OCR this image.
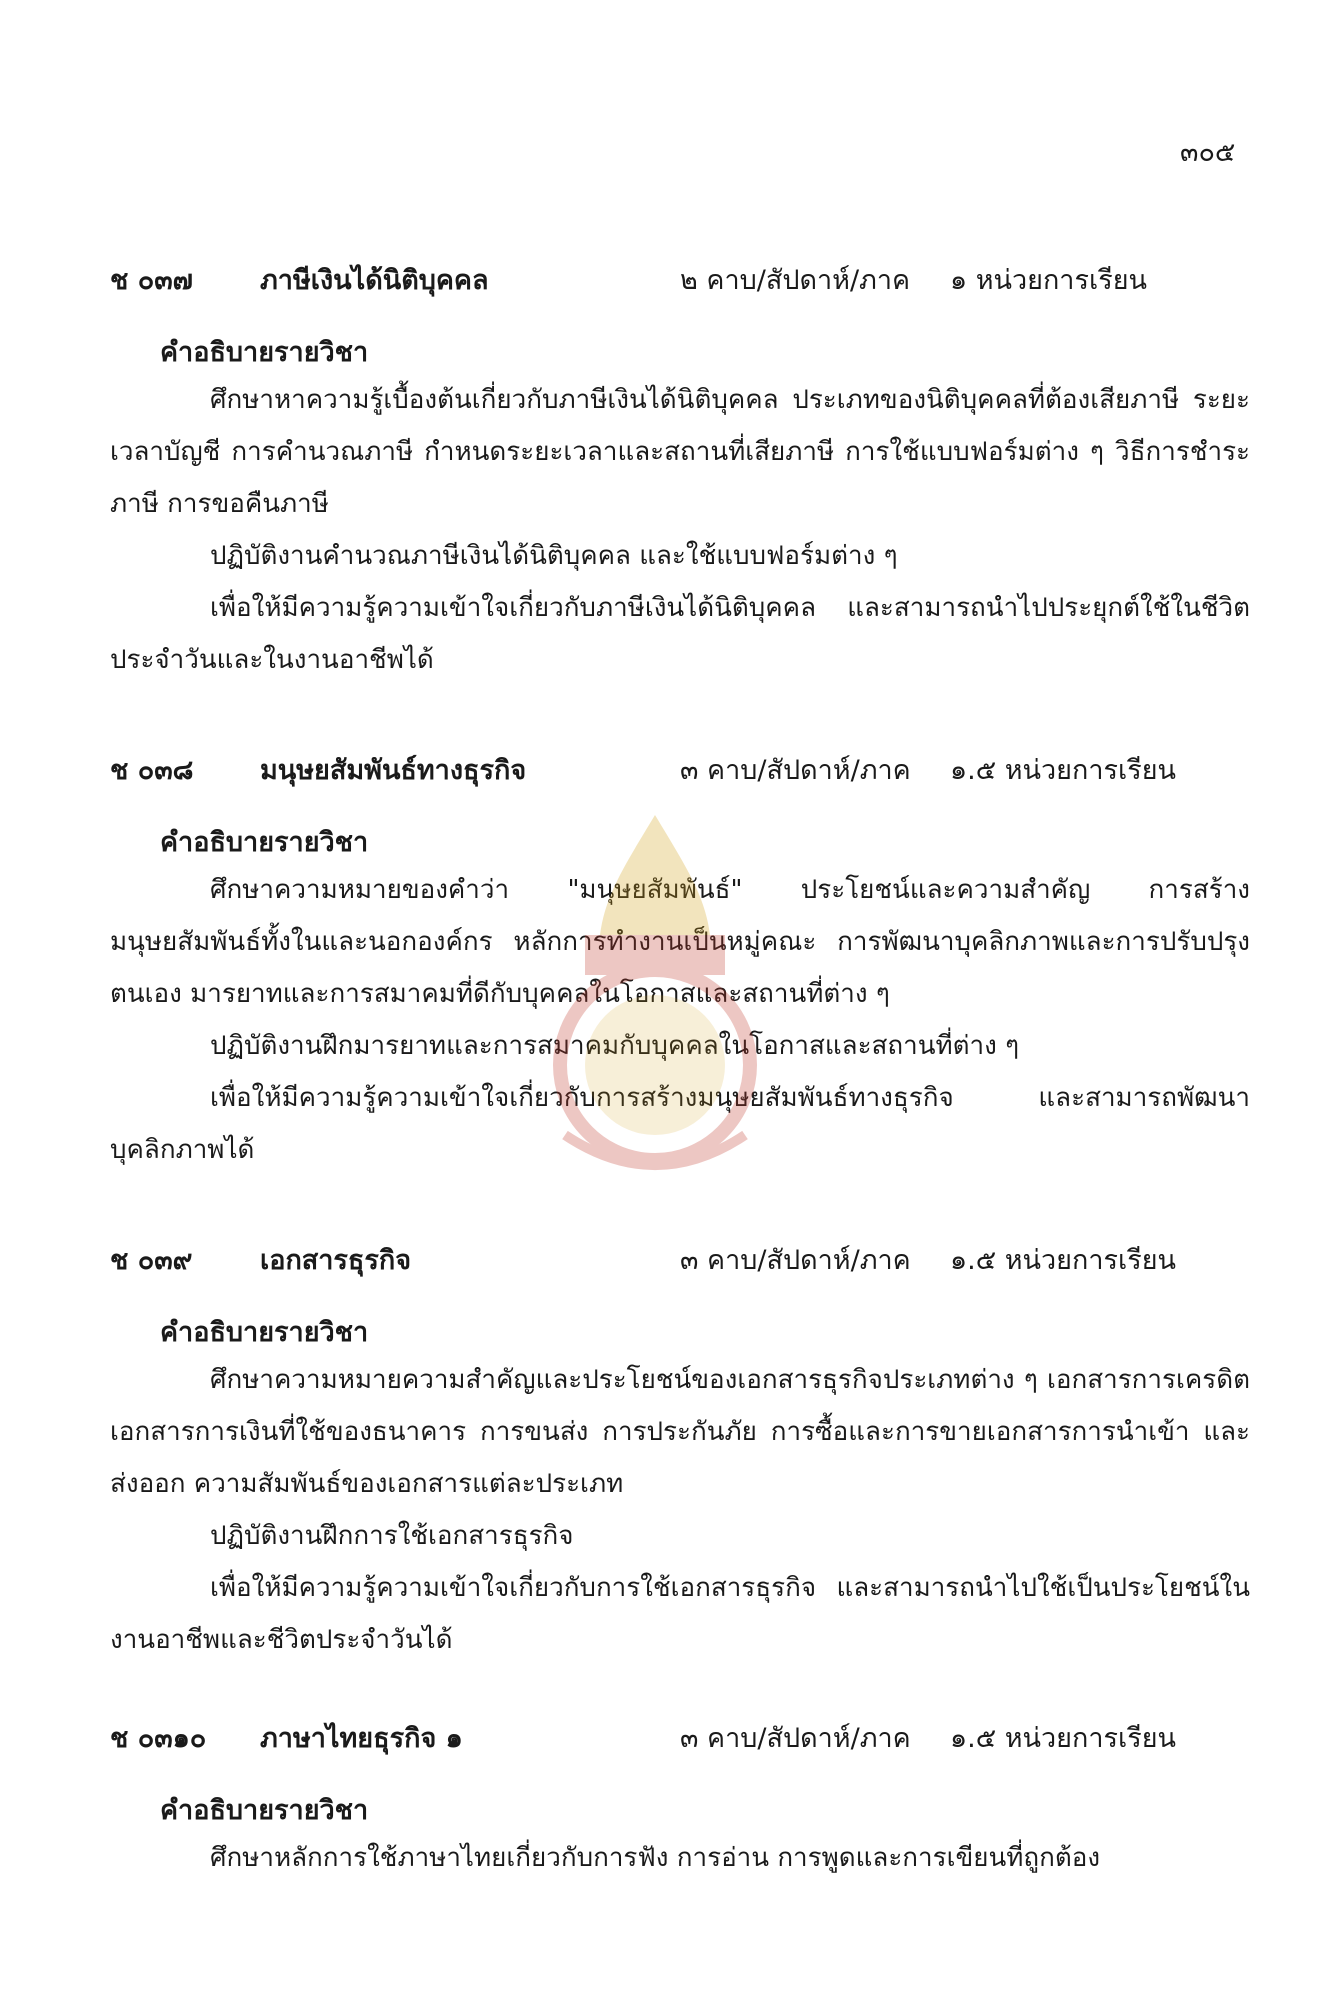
๓๐๕
ช ๐๓๗ ภาษีเงินได้นิติบุคคล	๒ คาบ/สัปดาห์/ภาค ๑ หน่วยการเรียน
คำอธิบายรายวิชา

ศึกษาหาความรู้เบื้องต้นเกี่ยวกับภาษีเงินได้นิติบุคคล ประเภทของนิติบุคคลที่ต้องเสียภาษี ระยะเวลาบัญชี การคำนวณภาษี กำหนดระยะเวลาและสถานที่เสียภาษี การใช้แบบฟอร์มต่าง ๆ วิธีการชำระภาษี การขอคืนภาษี

ปฏิบัติงานคำนวณภาษีเงินได้นิติบุคคล และใช้แบบฟอร์มต่าง ๆ

เพื่อให้มีความรู้ความเข้าใจเกี่ยวกับภาษีเงินได้นิติบุคคล และสามารถนำไปประยุกต์ใช้ในชีวิตประจำวันและในงานอาชีพได้

ช ๐๓๘ มนุษยสัมพันธ์ทางธุรกิจ	๓ คาบ/สัปดาห์/ภาค ๑.๕ หน่วยการเรียน
คำอธิบายรายวิชา

ศึกษาความหมายของคำว่า "มนุษยสัมพันธ์" ประโยชน์และความสำคัญ การสร้างมนุษยสัมพันธ์ทั้งในและนอกองค์กร หลักการทำงานเป็นหมู่คณะ การพัฒนาบุคลิกภาพและการปรับปรุงตนเอง มารยาทและการสมาคมที่ดีกับบุคคลในโอกาสและสถานที่ต่าง ๆ

ปฏิบัติงานฝึกมารยาทและการสมาคมกับบุคคลในโอกาสและสถานที่ต่าง ๆ

เพื่อให้มีความรู้ความเข้าใจเกี่ยวกับการสร้างมนุษยสัมพันธ์ทางธุรกิจ และสามารถพัฒนาบุคลิกภาพได้

ช ๐๓๙	เอกสารธุรกิจ	๓ คาบ/สัปดาห์/ภาค ๑.๕ หน่วยการเรียน
คำอธิบายรายวิชา

ศึกษาความหมายความสำคัญและประโยชน์ของเอกสารธุรกิจประเภทต่าง ๆ เอกสารการเครดิต เอกสารการเงินที่ใช้ของธนาคาร การขนส่ง การประกันภัย การซื้อและการขายเอกสารการนำเข้า และส่งออก ความสัมพันธ์ของเอกสารแต่ละประเภท

ปฏิบัติงานฝึกการใช้เอกสารธุรกิจ

เพื่อให้มีความรู้ความเข้าใจเกี่ยวกับการใช้เอกสารธุรกิจ และสามารถนำไปใช้เป็นประโยชน์ในงานอาชีพและชีวิตประจำวันได้

ช ๐๓๑๐ ภาษาไทยธุรกิจ ๑	๓ คาบ/สัปดาห์/ภาค ๑.๕ หน่วยการเรียน
คำอธิบายรายวิชา

ศึกษาหลักการใช้ภาษาไทยเกี่ยวกับการฟัง การอ่าน การพูดและการเขียนที่ถูกต้อง
